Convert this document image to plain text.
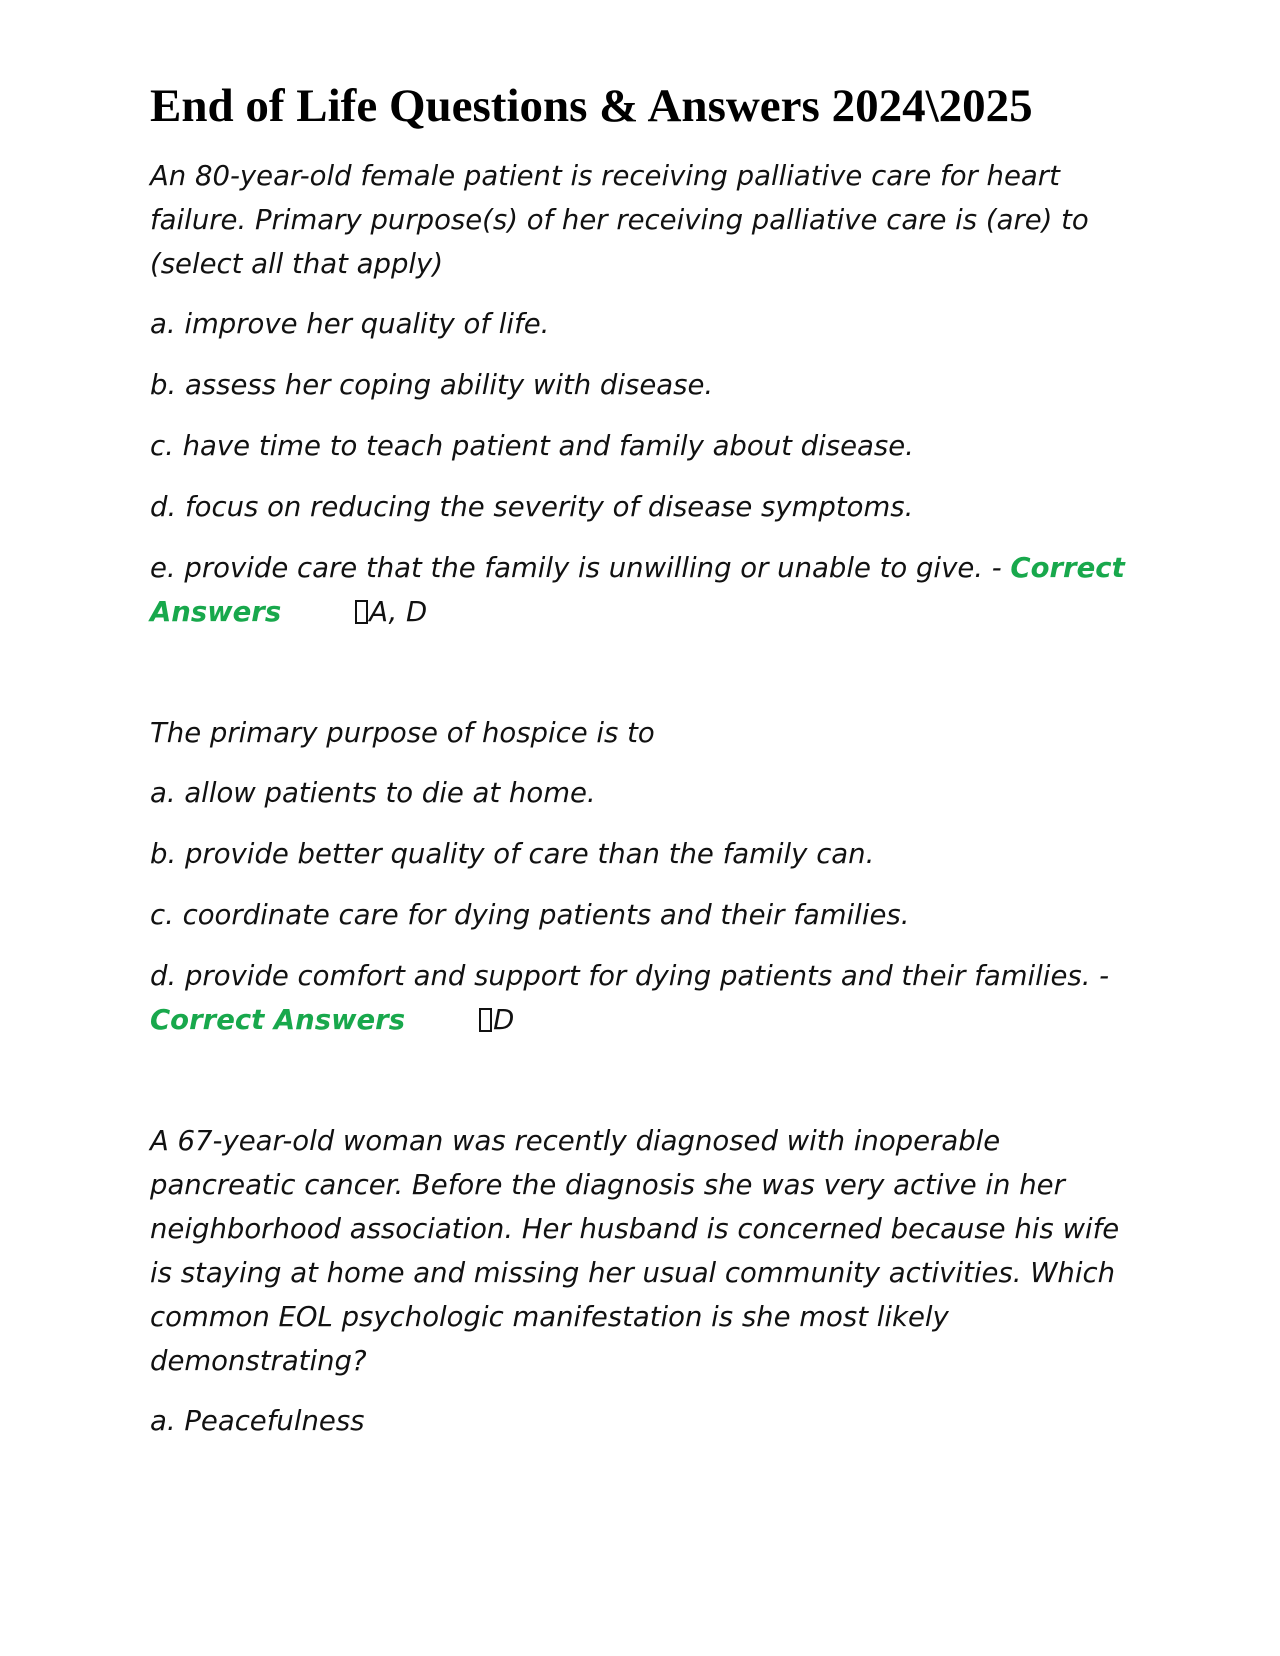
End of Life Questions & Answers 2024\2025

An 80-year-old female patient is receiving palliative care for heart failure. Primary purpose(s) of her receiving palliative care is (are) to (select all that apply)

a. improve her quality of life.

b. assess her coping ability with disease.

c. have time to teach patient and family about disease.

d. focus on reducing the severity of disease symptoms.

e. provide care that the family is unwilling or unable to give. - Correct Answers	A, D

The primary purpose of hospice is to

a. allow patients to die at home.

b. provide better quality of care than the family can.

c. coordinate care for dying patients and their families.

d. provide comfort and support for dying patients and their families. - Correct Answers	D

A 67-year-old woman was recently diagnosed with inoperable pancreatic cancer. Before the diagnosis she was very active in her neighborhood association. Her husband is concerned because his wife is staying at home and missing her usual community activities. Which common EOL psychologic manifestation is she most likely demonstrating?

a. Peacefulness
